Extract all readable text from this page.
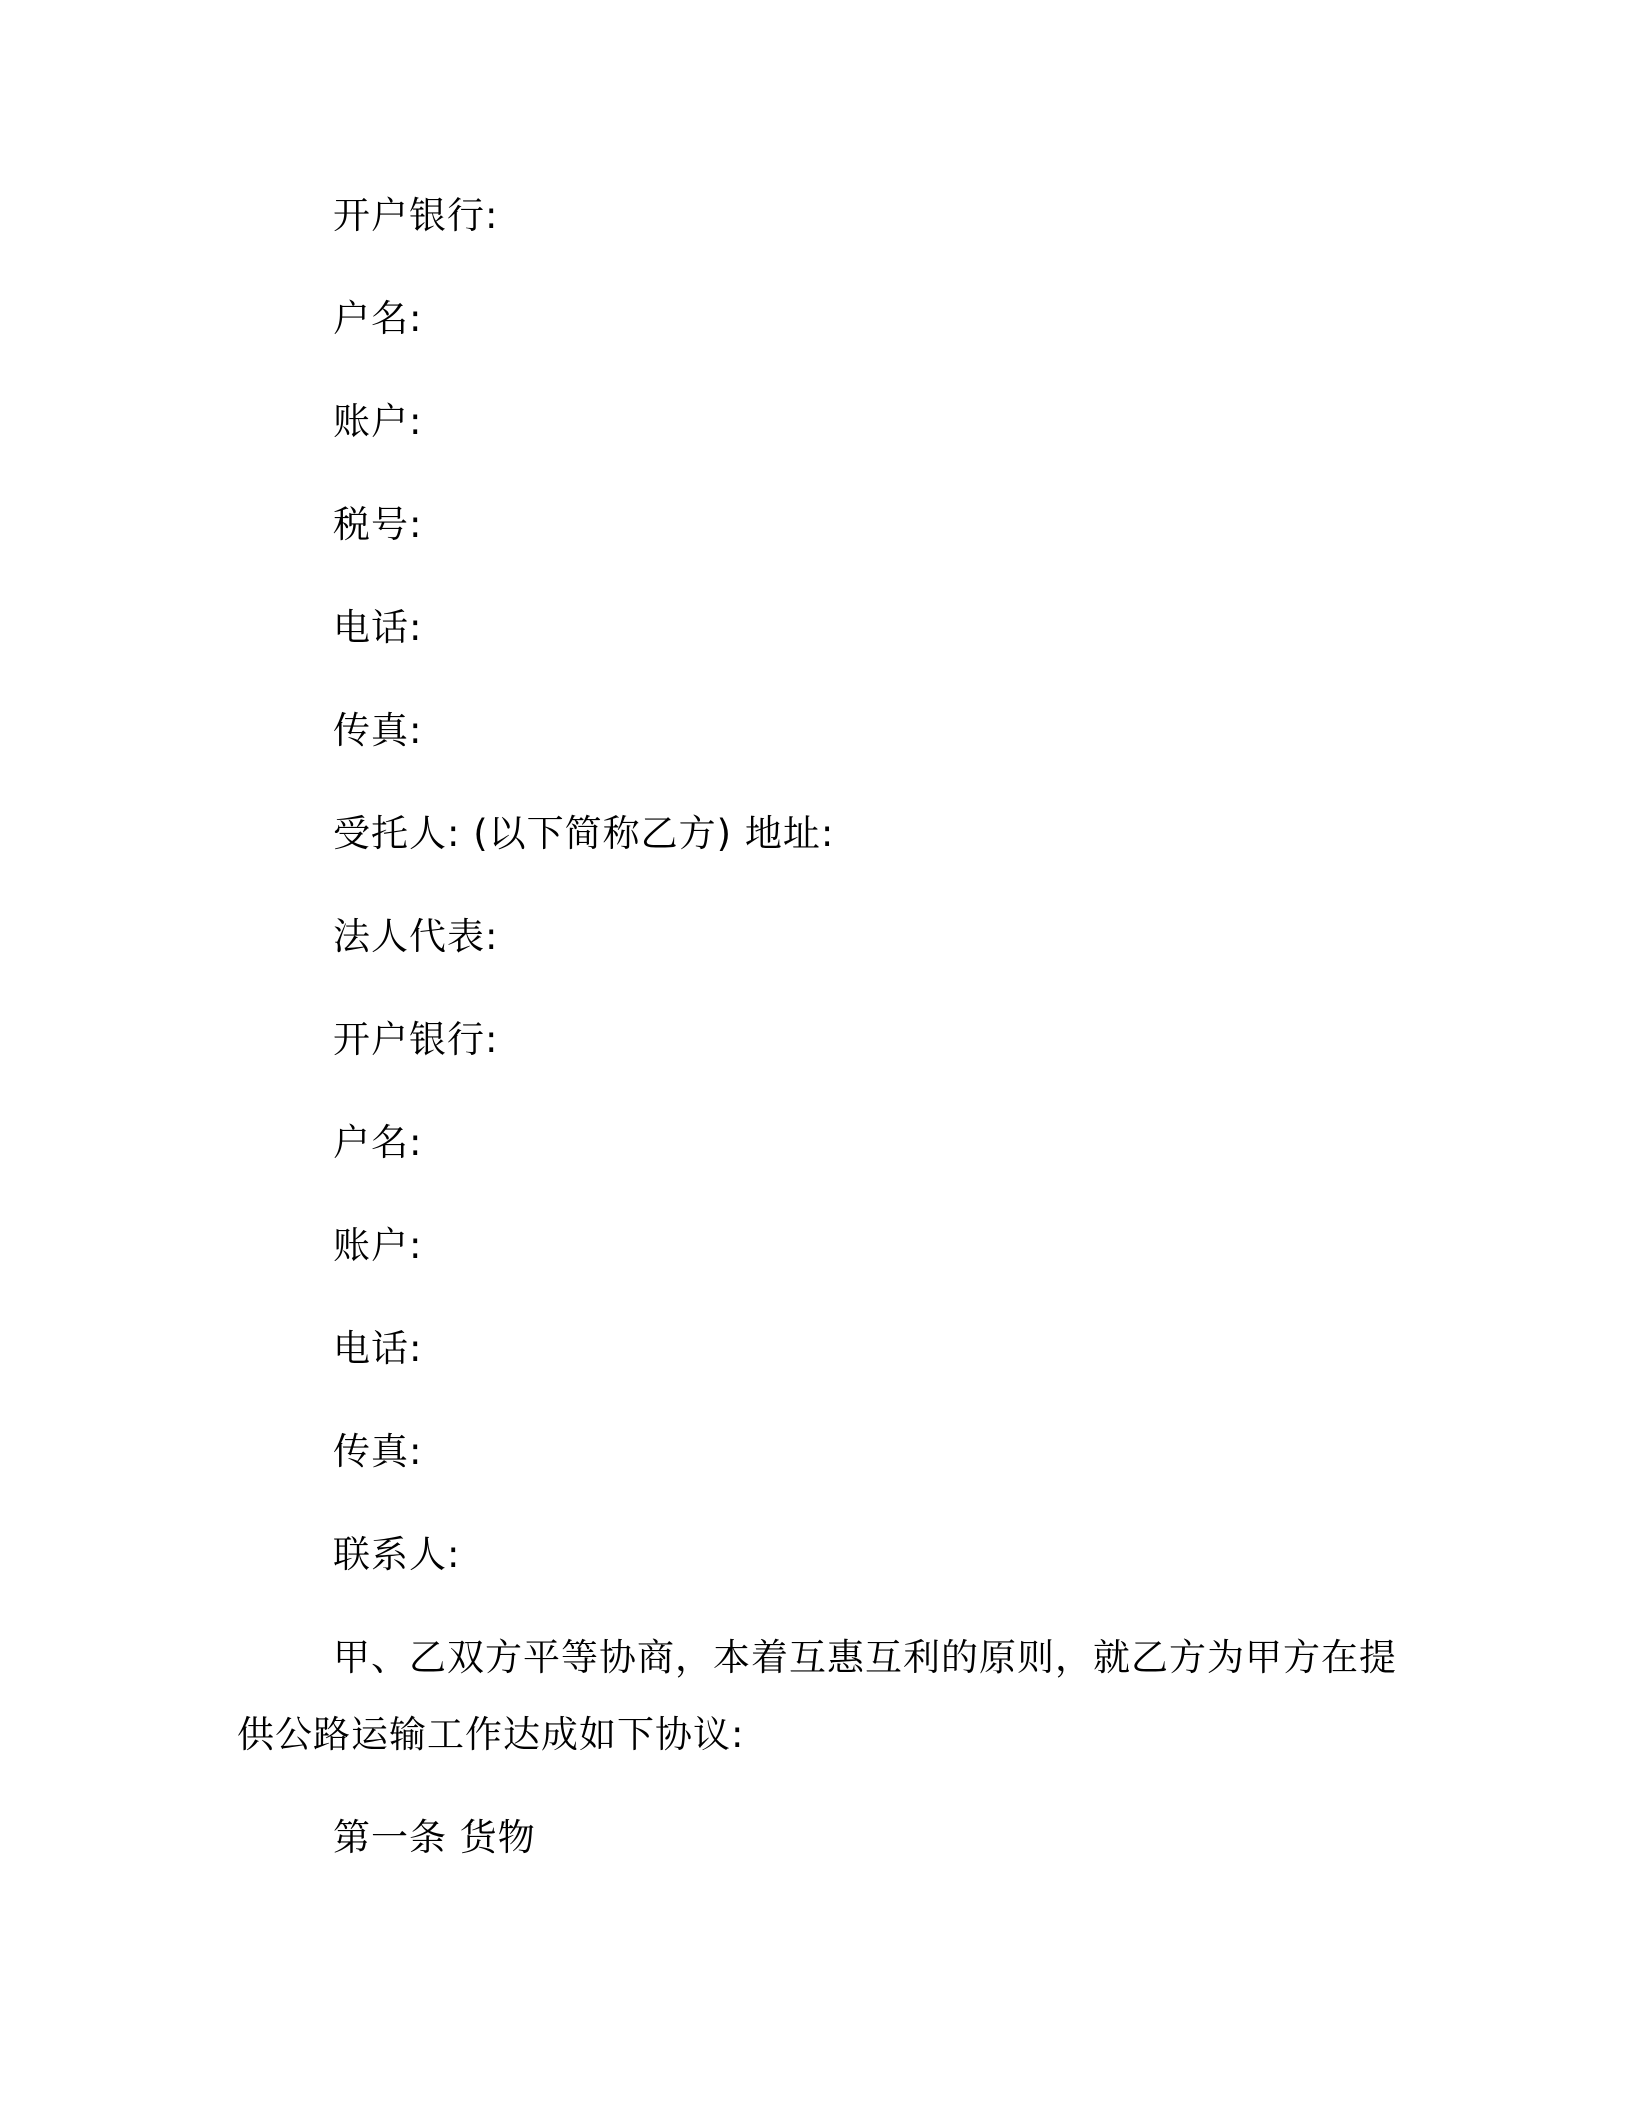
开户银行:
户名:
账户:
税号:
电话:
传真:
受托人: (以下简称乙方) 地址:
法人代表:
开户银行:
户名:
账户:
电话:
传真:
联系人:
甲、乙双方平等协商，本着互惠互利的原则，就乙方为甲方在提
供公路运输工作达成如下协议:
第一条 货物
